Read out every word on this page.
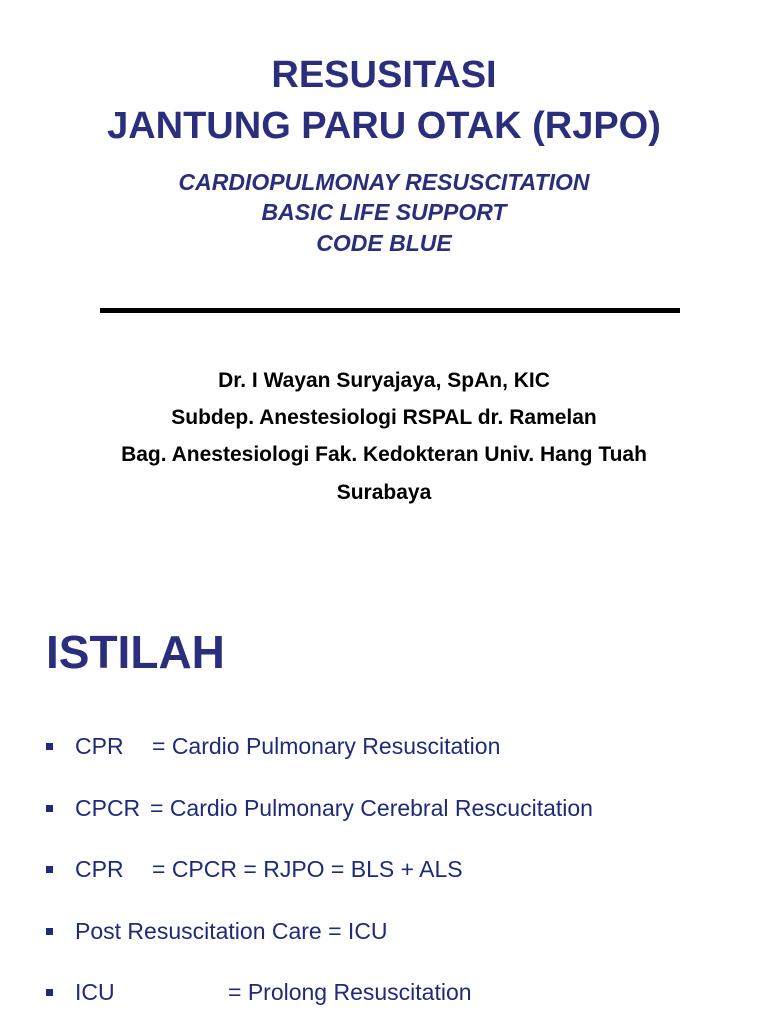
RESUSITASI
JANTUNG PARU OTAK (RJPO)
CARDIOPULMONAY RESUSCITATION
BASIC LIFE SUPPORT
CODE BLUE
Dr. I Wayan Suryajaya, SpAn, KIC
Subdep. Anestesiologi RSPAL dr. Ramelan
Bag. Anestesiologi Fak. Kedokteran Univ. Hang Tuah
Surabaya
ISTILAH
CPR = Cardio Pulmonary Resuscitation
CPCR = Cardio Pulmonary Cerebral Rescucitation
CPR = CPCR = RJPO = BLS + ALS
Post Resuscitation Care = ICU
ICU	= Prolong Resuscitation
